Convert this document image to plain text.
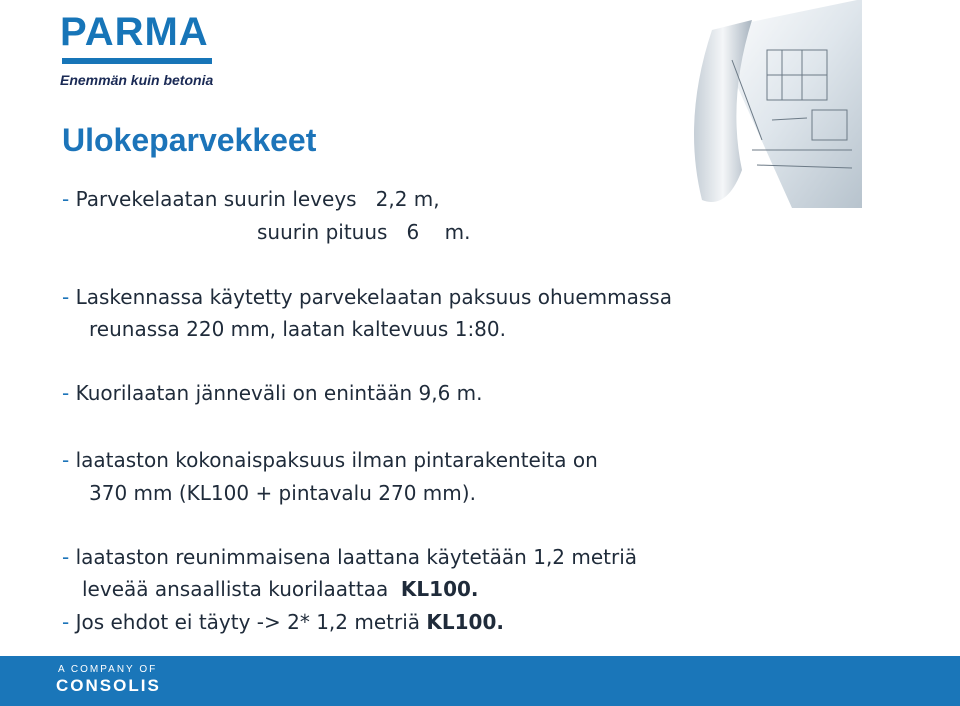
PARMA
Enemmän kuin betonia
Ulokeparvekkeet
- Parvekelaatan suurin leveys   2,2 m,
suurin pituus   6    m.
- Laskennassa käytetty parvekelaatan paksuus ohuemmassa
reunassa 220 mm, laatan kaltevuus 1:80.
- Kuorilaatan jänneväli on enintään 9,6 m.
- laataston kokonaispaksuus ilman pintarakenteita on
370 mm (KL100 + pintavalu 270 mm).
- laataston reunimmaisena laattana käytetään 1,2 metriä
leveää ansaallista kuorilaattaa  KL100.
- Jos ehdot ei täyty -> 2* 1,2 metriä KL100.
A COMPANY OF
CONSOLIS
